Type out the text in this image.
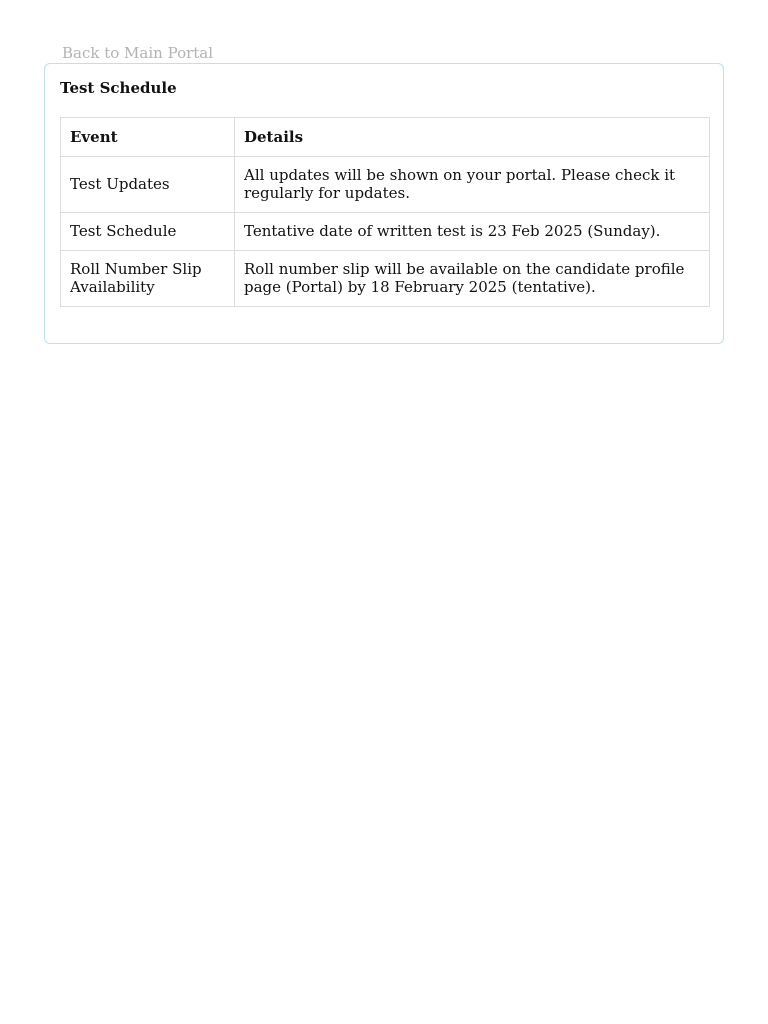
Back to Main Portal
Test Schedule
Event	Details
Test Updates	All updates will be shown on your portal. Please check it regularly for updates.
Test Schedule	Tentative date of written test is 23 Feb 2025 (Sunday).
Roll Number Slip Availability	Roll number slip will be available on the candidate profile page (Portal) by 18 February 2025 (tentative).
